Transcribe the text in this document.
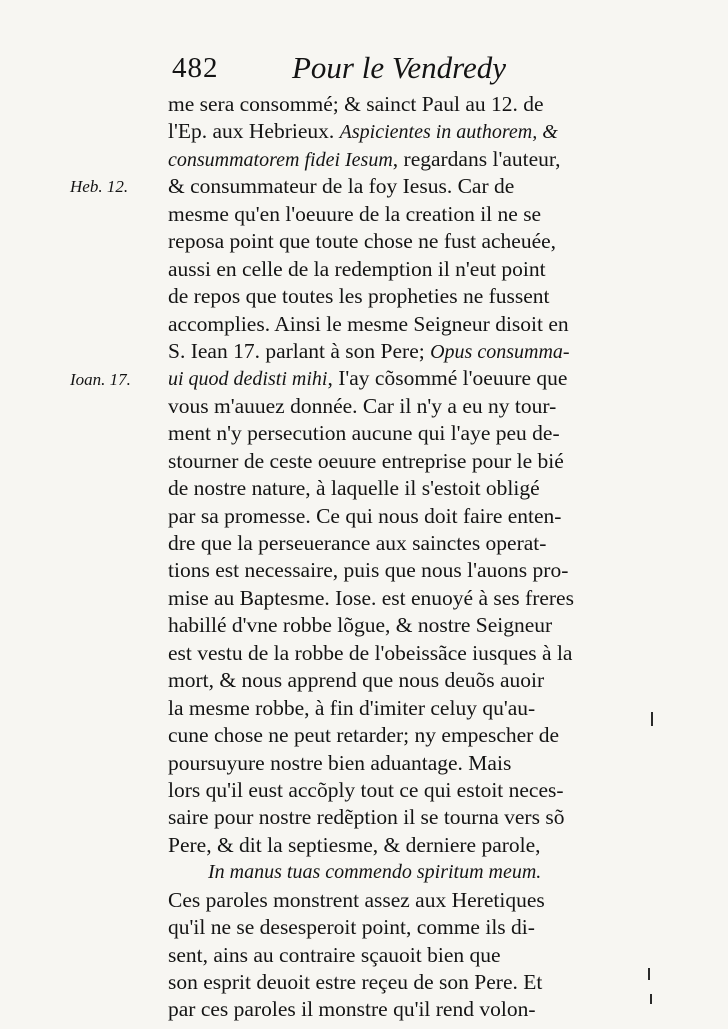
482 Pour le Vendredy
Heb. 12.
Ioan. 17.
me sera consommé; & sainct Paul au 12. de
l'Ep. aux Hebrieux. Aspicientes in authorem, &
consummatorem fidei Iesum, regardans l'auteur,
& consummateur de la foy Iesus. Car de
mesme qu'en l'oeuure de la creation il ne se
reposa point que toute chose ne fust acheuée,
aussi en celle de la redemption il n'eut point
de repos que toutes les propheties ne fussent
accomplies. Ainsi le mesme Seigneur disoit en
S. Iean 17. parlant à son Pere; Opus consumma-
ui quod dedisti mihi, I'ay cõsommé l'oeuure que
vous m'auuez donnée. Car il n'y a eu ny tour-
ment n'y persecution aucune qui l'aye peu de-
stourner de ceste oeuure entreprise pour le bié
de nostre nature, à laquelle il s'estoit obligé
par sa promesse. Ce qui nous doit faire enten-
dre que la perseuerance aux sainctes operat-
tions est necessaire, puis que nous l'auons pro-
mise au Baptesme. Iose. est enuoyé à ses freres
habillé d'vne robbe lõgue, & nostre Seigneur
est vestu de la robbe de l'obeissãce iusques à la
mort, & nous apprend que nous deuõs auoir
la mesme robbe, à fin d'imiter celuy qu'au-
cune chose ne peut retarder; ny empescher de
poursuyure nostre bien aduantage. Mais
lors qu'il eust accõply tout ce qui estoit neces-
saire pour nostre redẽption il se tourna vers sõ
Pere, & dit la septiesme, & derniere parole,
In manus tuas commendo spiritum meum.
Ces paroles monstrent assez aux Heretiques
qu'il ne se desesperoit point, comme ils di-
sent, ains au contraire sçauoit bien que
son esprit deuoit estre reçeu de son Pere. Et
par ces paroles il monstre qu'il rend volon-
